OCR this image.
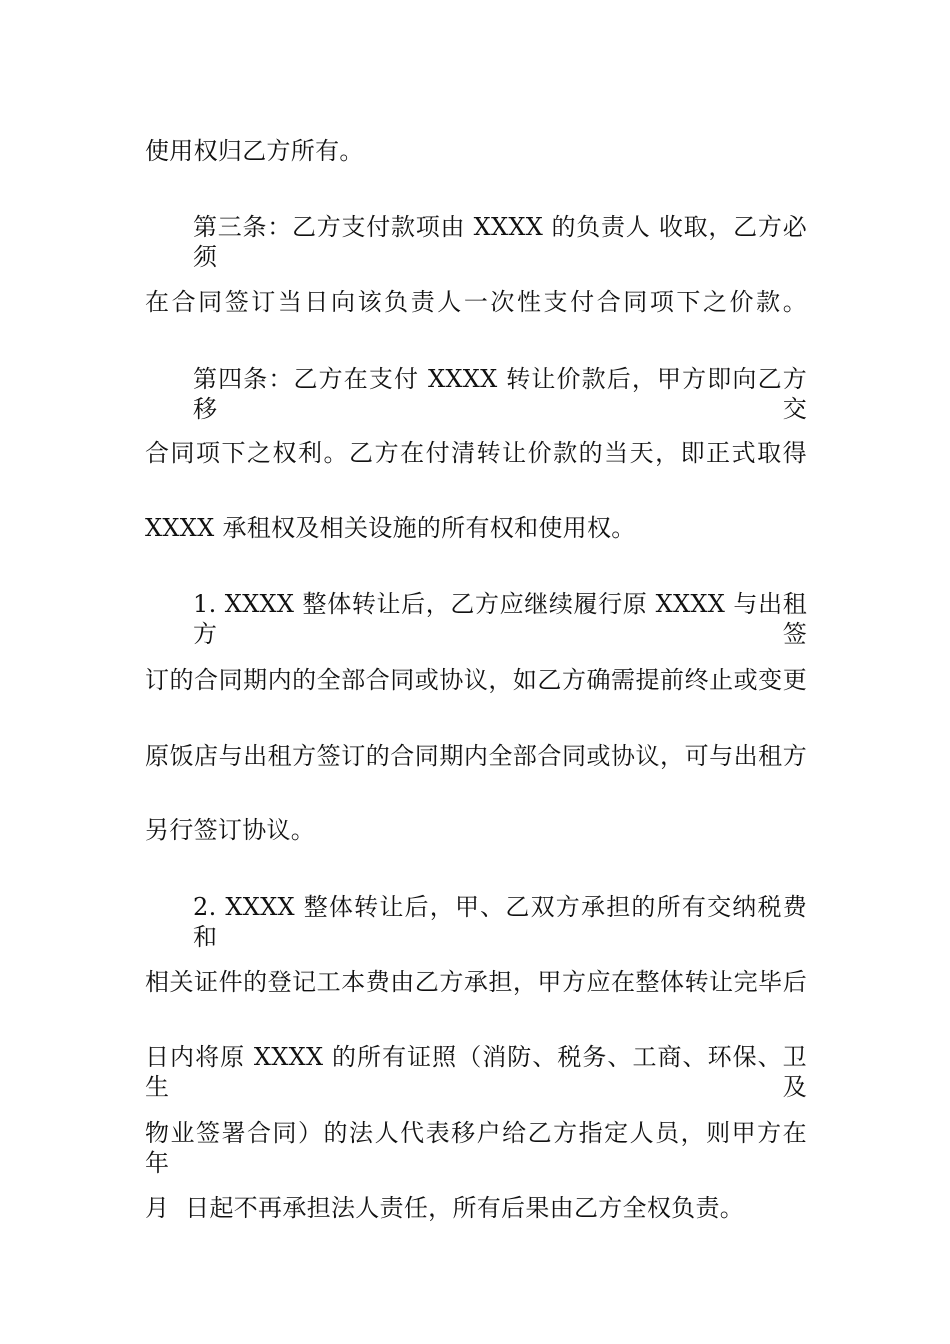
使用权归乙方所有。
第三条：乙方支付款项由 XXXX 的负责人 收取，乙方必须
在合同签订当日向该负责人一次性支付合同项下之价款。
第四条：乙方在支付 XXXX 转让价款后，甲方即向乙方移交
合同项下之权利。乙方在付清转让价款的当天，即正式取得
XXXX 承租权及相关设施的所有权和使用权。
1. XXXX 整体转让后，乙方应继续履行原 XXXX 与出租方签
订的合同期内的全部合同或协议，如乙方确需提前终止或变更
原饭店与出租方签订的合同期内全部合同或协议，可与出租方
另行签订协议。
2. XXXX 整体转让后，甲、乙双方承担的所有交纳税费和
相关证件的登记工本费由乙方承担，甲方应在整体转让完毕后
日内将原 XXXX 的所有证照（消防、税务、工商、环保、卫生及
物业签署合同）的法人代表移户给乙方指定人员，则甲方在 年
月  日起不再承担法人责任，所有后果由乙方全权负责。
